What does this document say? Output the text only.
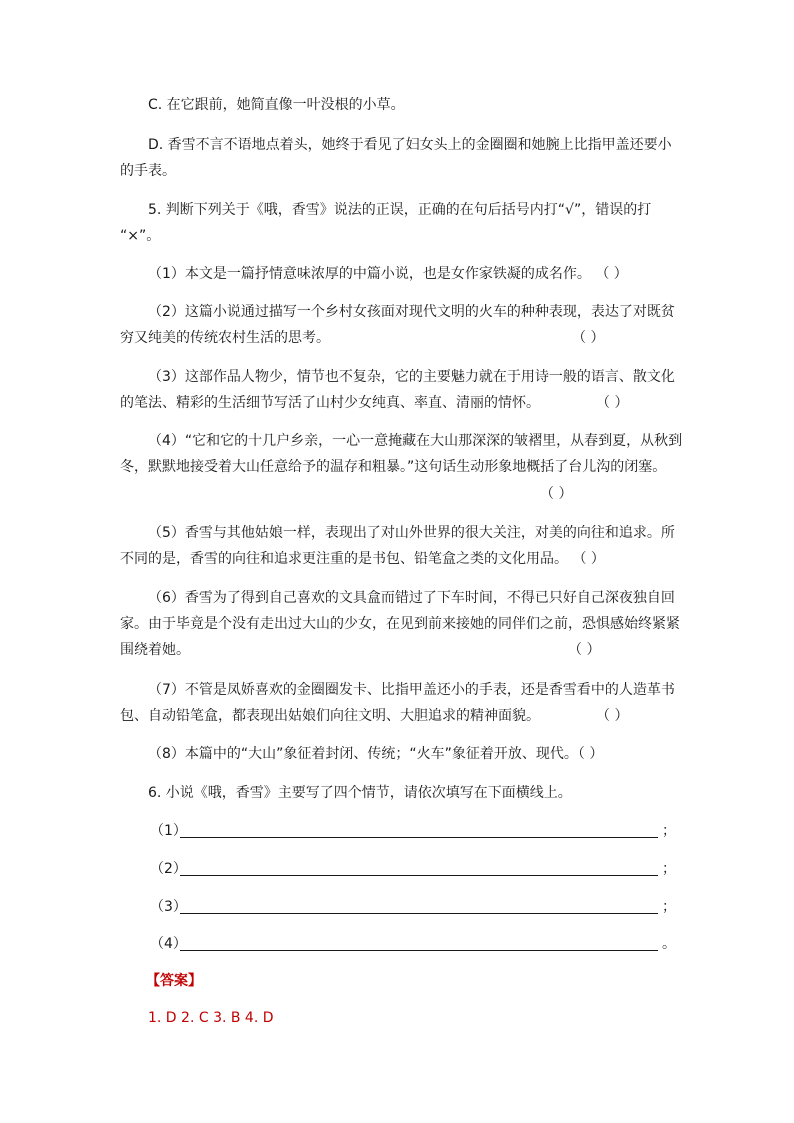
C. 在它跟前，她简直像一叶没根的小草。
D. 香雪不言不语地点着头，她终于看见了妇女头上的金圈圈和她腕上比指甲盖还要小
的手表。
5. 判断下列关于《哦，香雪》说法的正误，正确的在句后括号内打“√”，错误的打
“×”。
（1）本文是一篇抒情意味浓厚的中篇小说，也是女作家铁凝的成名作。 （ ）
（2）这篇小说通过描写一个乡村女孩面对现代文明的火车的种种表现，表达了对既贫
穷又纯美的传统农村生活的思考。	（ ）
（3）这部作品人物少，情节也不复杂，它的主要魅力就在于用诗一般的语言、散文化
的笔法、精彩的生活细节写活了山村少女纯真、率直、清丽的情怀。	（ ）
（4）“它和它的十几户乡亲，一心一意掩藏在大山那深深的皱褶里，从春到夏，从秋到
冬，默默地接受着大山任意给予的温存和粗暴。”这句话生动形象地概括了台儿沟的闭塞。
（ ）
（5）香雪与其他姑娘一样，表现出了对山外世界的很大关注，对美的向往和追求。所
不同的是，香雪的向往和追求更注重的是书包、铅笔盒之类的文化用品。 （ ）
（6）香雪为了得到自己喜欢的文具盒而错过了下车时间，不得已只好自己深夜独自回
家。由于毕竟是个没有走出过大山的少女，在见到前来接她的同伴们之前，恐惧感始终紧紧
围绕着她。	（ ）
（7）不管是凤娇喜欢的金圈圈发卡、比指甲盖还小的手表，还是香雪看中的人造革书
包、自动铅笔盒，都表现出姑娘们向往文明、大胆追求的精神面貌。	（ ）
（8）本篇中的“大山”象征着封闭、传统；“火车”象征着开放、现代。（ ）
6. 小说《哦，香雪》主要写了四个情节，请依次填写在下面横线上。
（1）	；
（2）	；
（3）	；
（4）	。
【答案】
1. D 2. C 3. B 4. D
